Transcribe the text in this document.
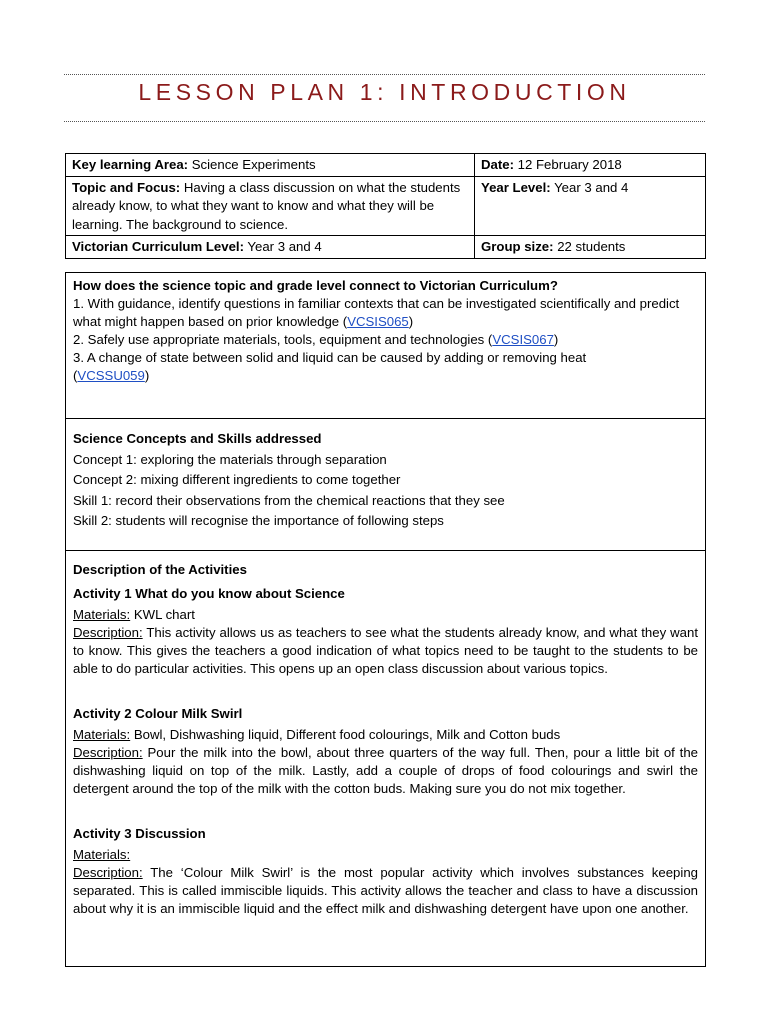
LESSON PLAN 1: INTRODUCTION
Key learning Area: Science Experiments	Date: 12 February 2018
Topic and Focus: Having a class discussion on what the students already know, to what they want to know and what they will be learning. The background to science.	Year Level: Year 3 and 4
Victorian Curriculum Level: Year 3 and 4	Group size: 22 students

How does the science topic and grade level connect to Victorian Curriculum?

1. With guidance, identify questions in familiar contexts that can be investigated scientifically and predict

what might happen based on prior knowledge (VCSIS065)

2. Safely use appropriate materials, tools, equipment and technologies (VCSIS067)

3. A change of state between solid and liquid can be caused by adding or removing heat

(VCSSU059)

Science Concepts and Skills addressed

Concept 1: exploring the materials through separation

Concept 2: mixing different ingredients to come together

Skill 1: record their observations from the chemical reactions that they see

Skill 2: students will recognise the importance of following steps

Description of the Activities

Activity 1 What do you know about Science

Materials: KWL chart

Description: This activity allows us as teachers to see what the students already know, and what they want to know. This gives the teachers a good indication of what topics need to be taught to the students to be able to do particular activities. This opens up an open class discussion about various topics.

Activity 2 Colour Milk Swirl

Materials: Bowl, Dishwashing liquid, Different food colourings, Milk and Cotton buds

Description: Pour the milk into the bowl, about three quarters of the way full. Then, pour a little bit of the dishwashing liquid on top of the milk. Lastly, add a couple of drops of food colourings and swirl the detergent around the top of the milk with the cotton buds. Making sure you do not mix together.

Activity 3 Discussion

Materials:

Description: The ‘Colour Milk Swirl’ is the most popular activity which involves substances keeping separated. This is called immiscible liquids. This activity allows the teacher and class to have a discussion about why it is an immiscible liquid and the effect milk and dishwashing detergent have upon one another.
